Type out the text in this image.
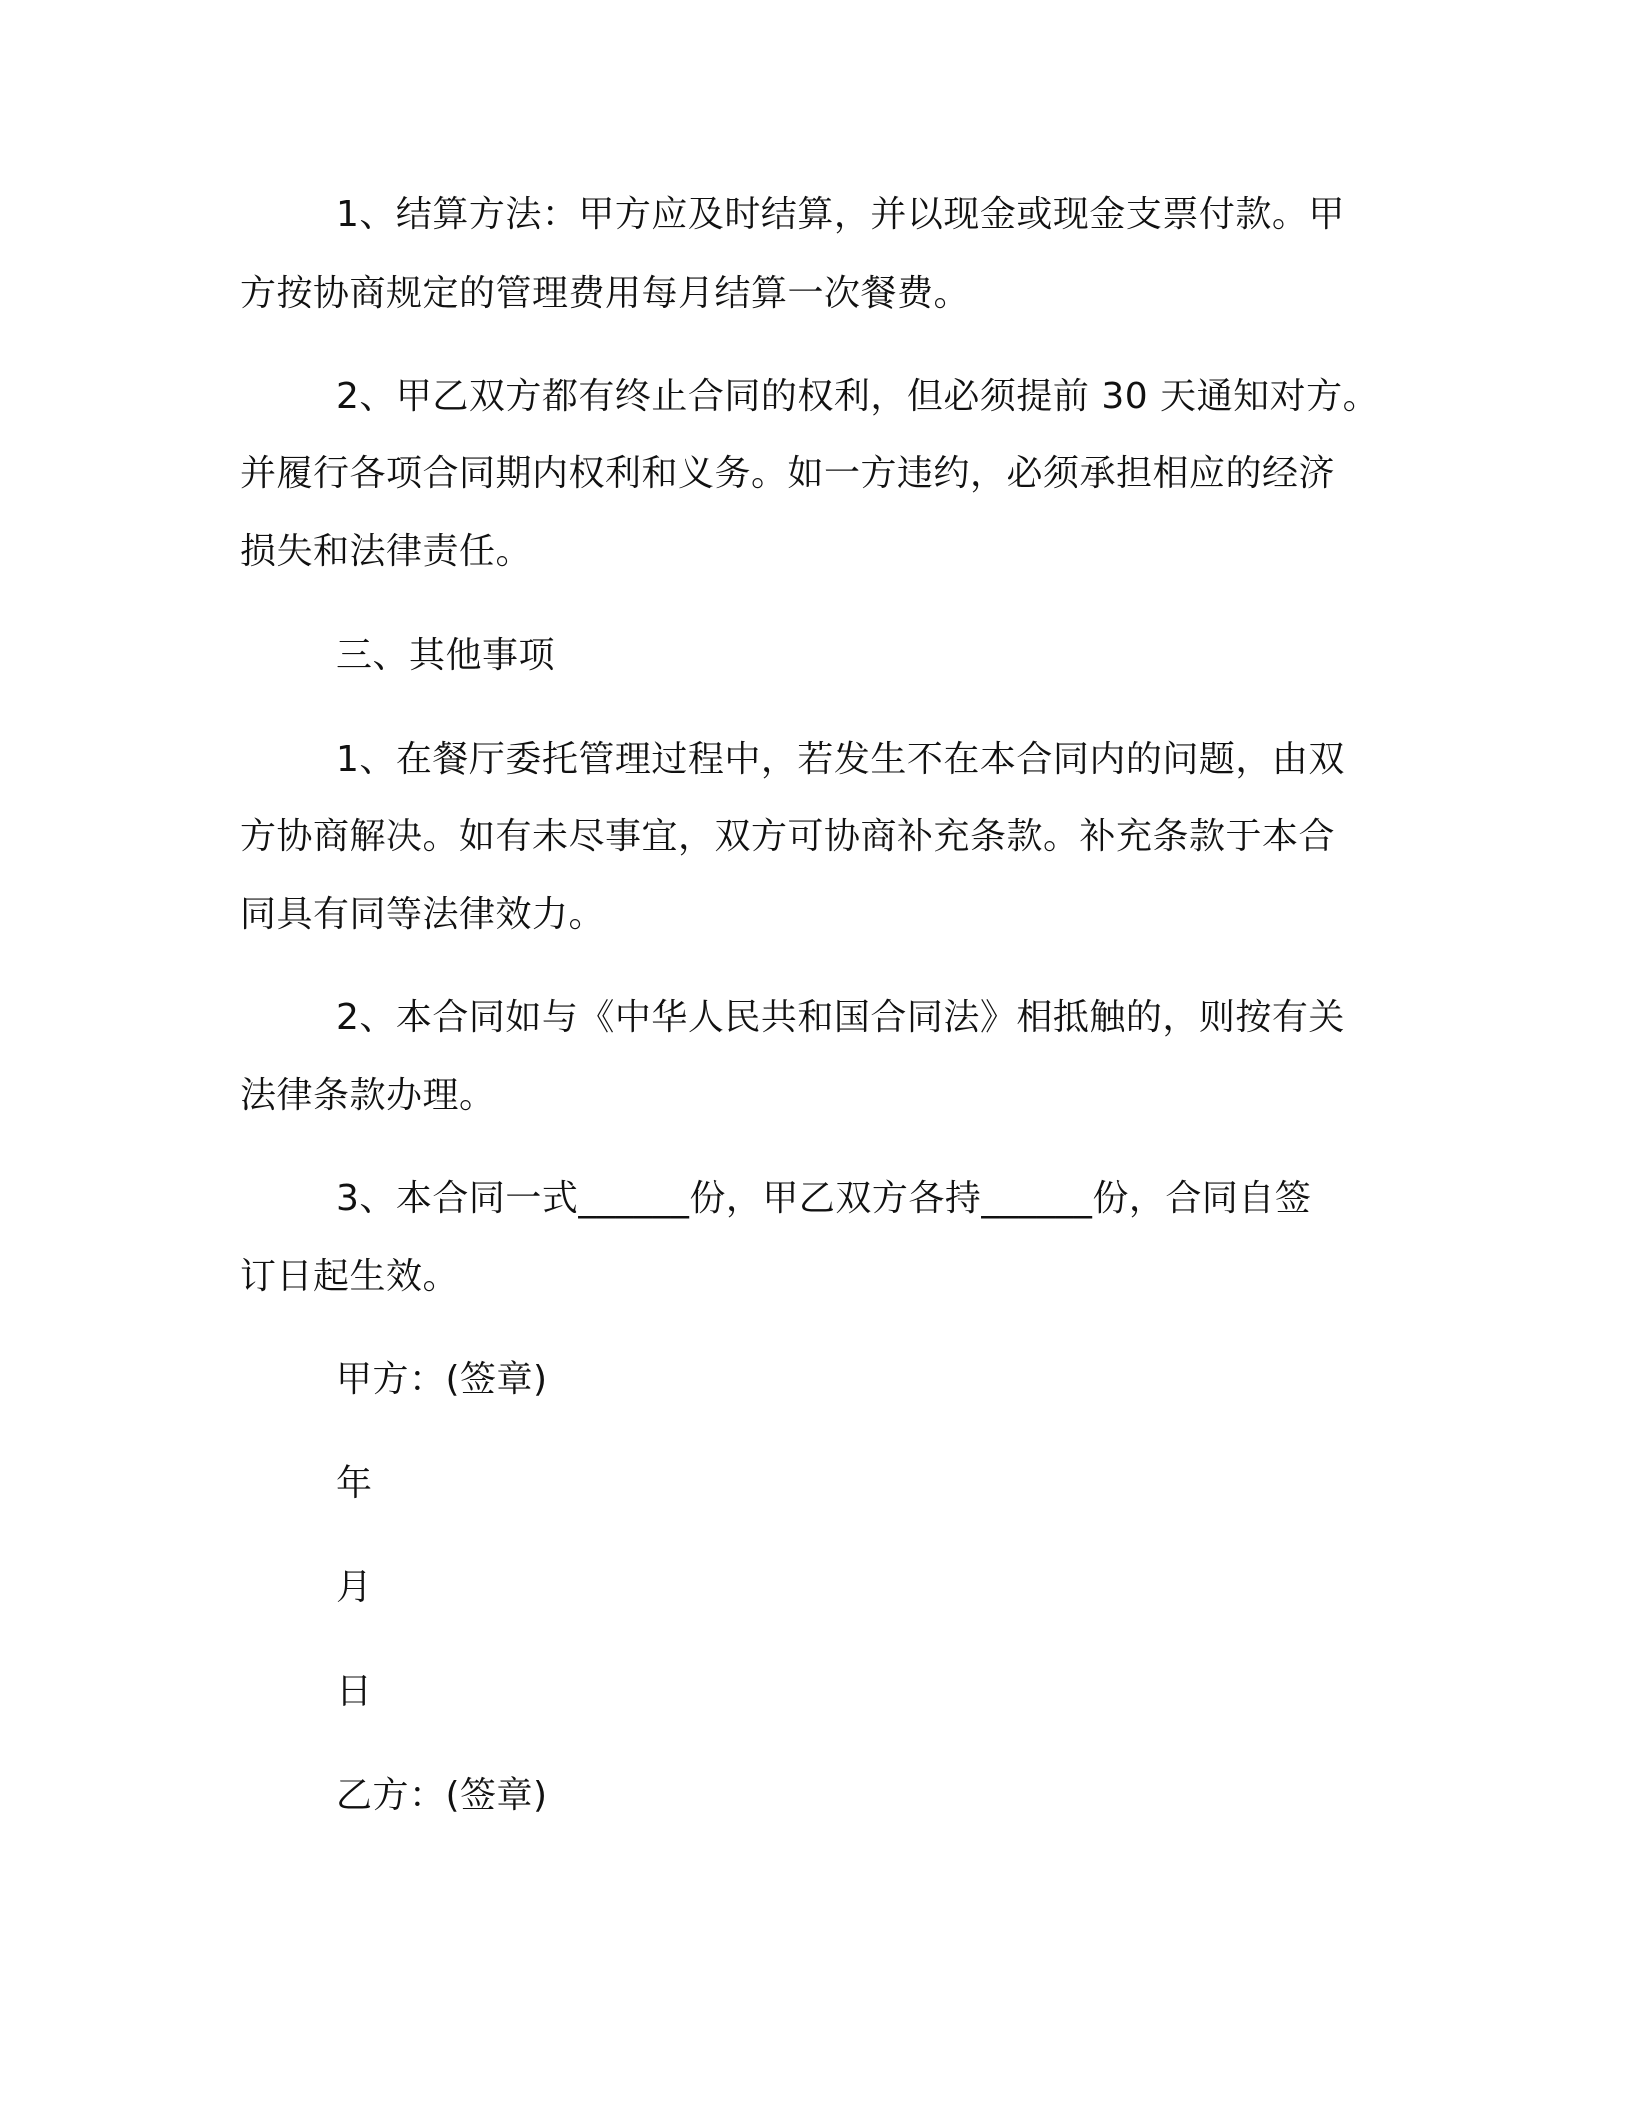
1、结算方法：甲方应及时结算，并以现金或现金支票付款。甲
方按协商规定的管理费用每月结算一次餐费。
2、甲乙双方都有终止合同的权利，但必须提前 30 天通知对方。
并履行各项合同期内权利和义务。如一方违约，必须承担相应的经济
损失和法律责任。
三、其他事项
1、在餐厅委托管理过程中，若发生不在本合同内的问题，由双
方协商解决。如有未尽事宜，双方可协商补充条款。补充条款于本合
同具有同等法律效力。
2、本合同如与《中华人民共和国合同法》相抵触的，则按有关
法律条款办理。
3、本合同一式______份，甲乙双方各持______份，合同自签
订日起生效。
甲方：(签章)
年
月
日
乙方：(签章)
